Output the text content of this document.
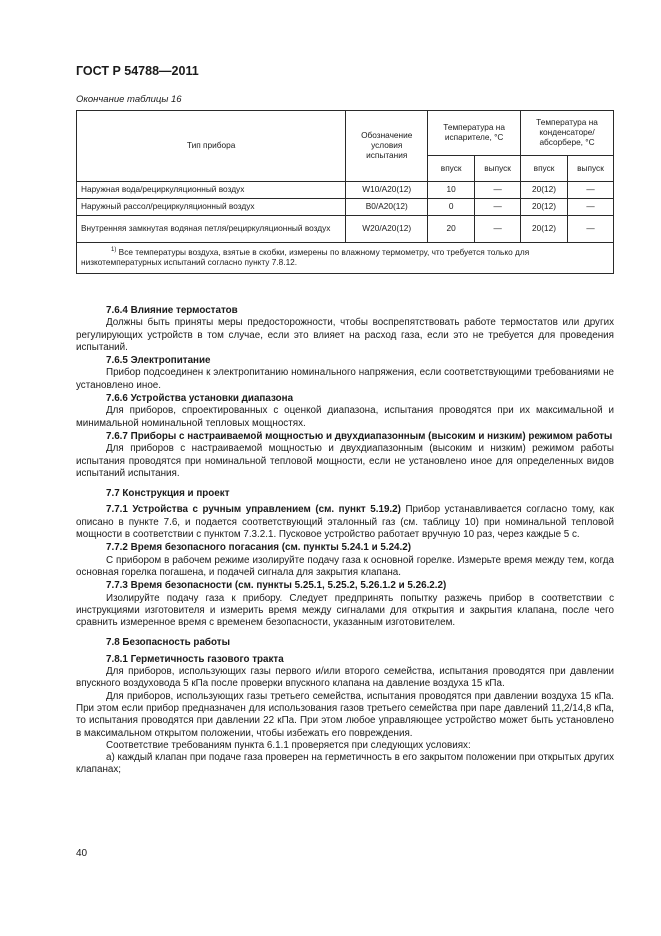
ГОСТ Р 54788—2011
Окончание таблицы 16
Тип прибора	Обозначение условия испытания	Температура на испарителе, °С		Температура на конденсаторе/ абсорбере, °С	
		впуск	выпуск	впуск	выпуск
Наружная вода/рециркуляционный воздух	W10/A20(12)	10	—	20(12)	—
Наружный рассол/рециркуляционный воздух	B0/A20(12)	0	—	20(12)	—
Внутренняя замкнутая водяная петля/рециркуляционный воздух	W20/A20(12)	20	—	20(12)	—
$^{1)}$ Все температуры воздуха, взятые в скобки, измерены по влажному термометру, что требуется только для низкотемпературных испытаний согласно пункту 7.8.12.					

7.6.4 Влияние термостатов

Должны быть приняты меры предосторожности, чтобы воспрепятствовать работе термостатов или других регулирующих устройств в том случае, если это влияет на расход газа, если это не требуется для проведения испытаний.

7.6.5 Электропитание

Прибор подсоединен к электропитанию номинального напряжения, если соответствующими требованиями не установлено иное.

7.6.6 Устройства установки диапазона

Для приборов, спроектированных с оценкой диапазона, испытания проводятся при их максимальной и минимальной номинальной тепловых мощностях.

7.6.7 Приборы с настраиваемой мощностью и двухдиапазонным (высоким и низким) режимом работы

Для приборов с настраиваемой мощностью и двухдиапазонным (высоким и низким) режимом работы испытания проводятся при номинальной тепловой мощности, если не установлено иное для определенных видов испытаний испытания.

7.7 Конструкция и проект

7.7.1 Устройства с ручным управлением (см. пункт 5.19.2) Прибор устанавливается согласно тому, как описано в пункте 7.6, и подается соответствующий эталонный газ (см. таблицу 10) при номинальной тепловой мощности в соответствии с пунктом 7.3.2.1. Пусковое устройство работает вручную 10 раз, через каждые 5 с.

7.7.2 Время безопасного погасания (см. пункты 5.24.1 и 5.24.2)

С прибором в рабочем режиме изолируйте подачу газа к основной горелке. Измерьте время между тем, когда основная горелка погашена, и подачей сигнала для закрытия клапана.

7.7.3 Время безопасности (см. пункты 5.25.1, 5.25.2, 5.26.1.2 и 5.26.2.2)

Изолируйте подачу газа к прибору. Следует предпринять попытку разжечь прибор в соответствии с инструкциями изготовителя и измерить время между сигналами для открытия и закрытия клапана, после чего сравнить измеренное время с временем безопасности, указанным изготовителем.

7.8 Безопасность работы

7.8.1 Герметичность газового тракта

Для приборов, использующих газы первого и/или второго семейства, испытания проводятся при давлении впускного воздуховода 5 кПа после проверки впускного клапана на давление воздуха 15 кПа.

Для приборов, использующих газы третьего семейства, испытания проводятся при давлении воздуха 15 кПа. При этом если прибор предназначен для использования газов третьего семейства при паре давлений 11,2/14,8 кПа, то испытания проводятся при давлении 22 кПа. При этом любое управляющее устройство может быть установлено в максимальном открытом положении, чтобы избежать его повреждения.

Соответствие требованиям пункта 6.1.1 проверяется при следующих условиях:

а) каждый клапан при подаче газа проверен на герметичность в его закрытом положении при открытых других клапанах;

40
